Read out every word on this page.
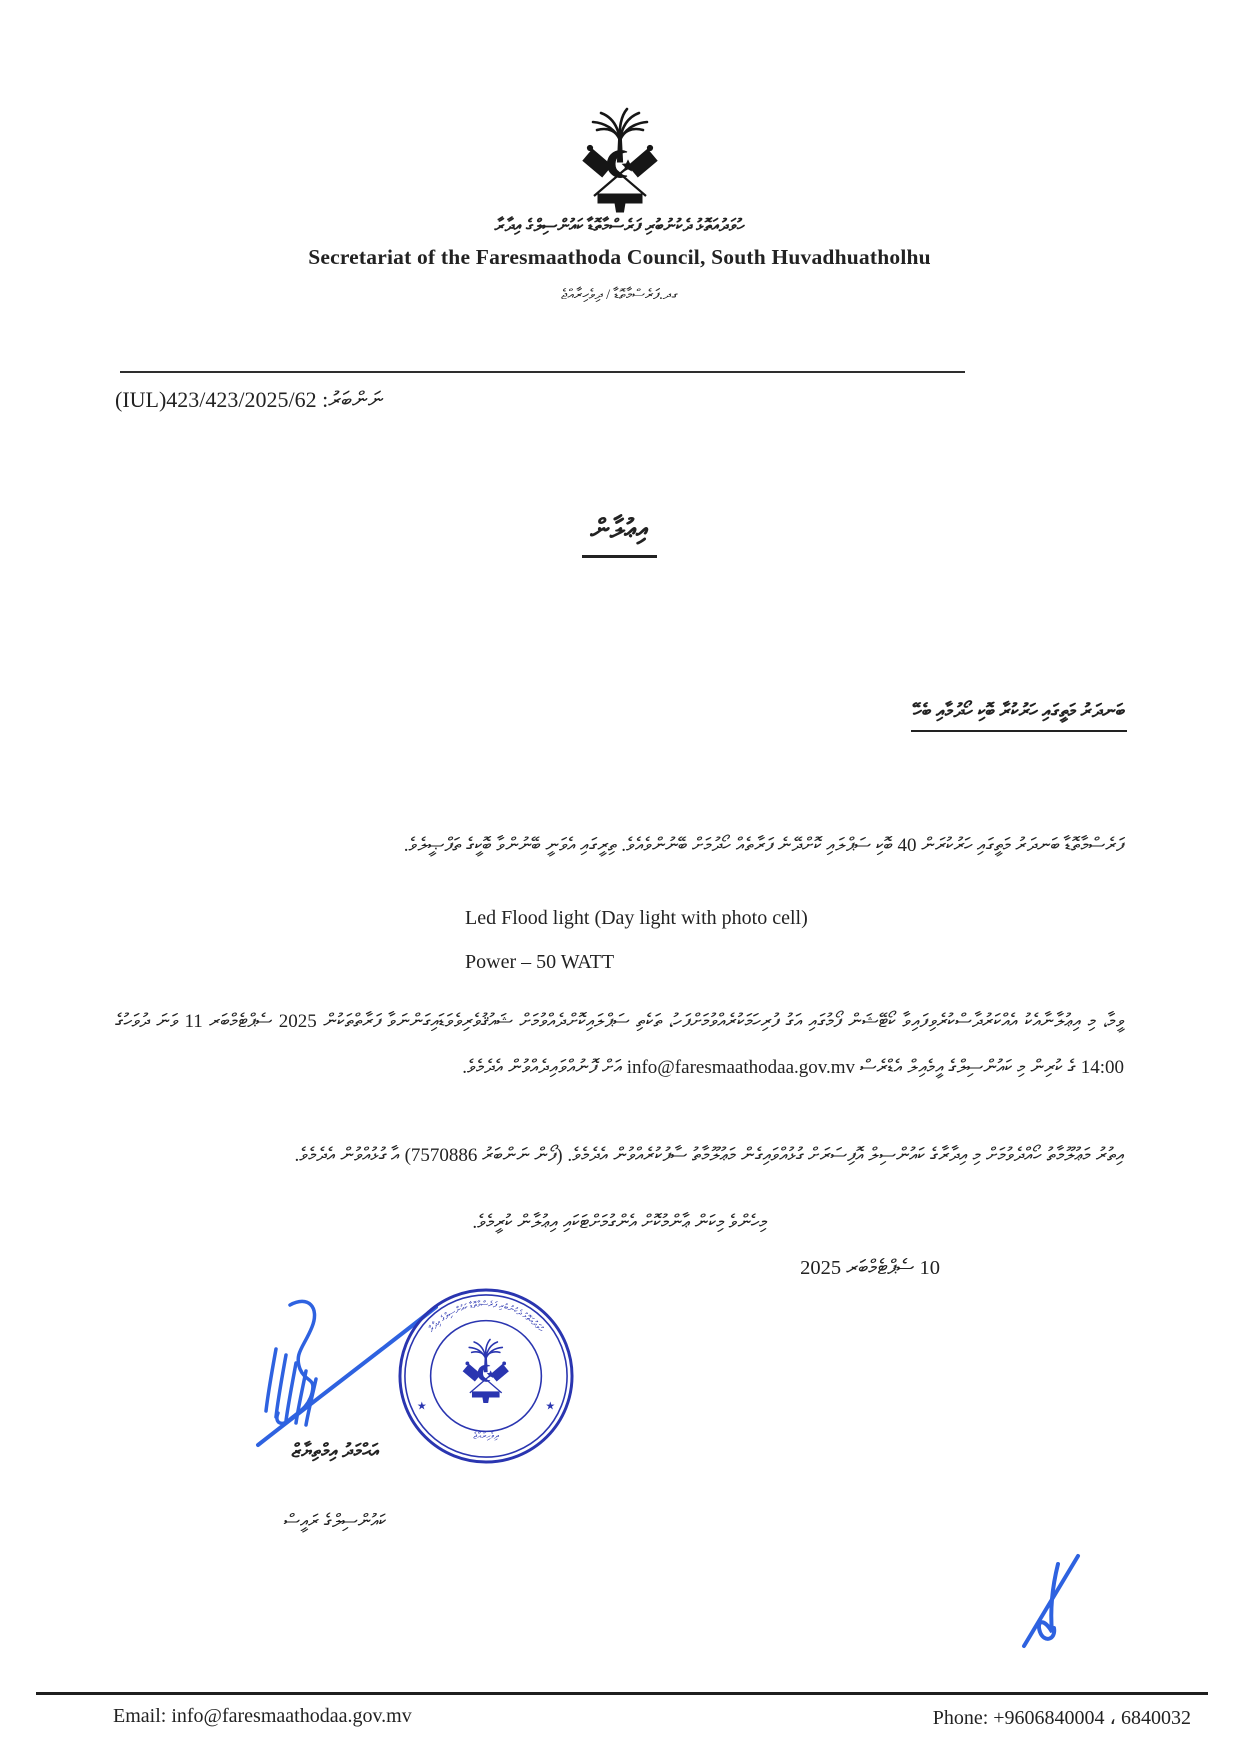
ހުވަދުއަތޮޅު ދެކުނުބުރި ފަރެސްމާތޮޑާ ކައުންސިލްގެ އިދާރާ
Secretariat of the Faresmaathoda Council, South Huvadhuatholhu
ގދ.ފަރެސްމާތޮޑާ / ދިވެހިރާއްޖެ
ނަންބަރު: (IUL)423/423/2025/62
އިޢުލާން
ބަނދަރު މަތީގައި ހަރުކުރާ ބޮކި ހޯދުމާއި ބެހޭ

ފަރެސްމާތޮޑާ ބަނދަރު މަތީގައި ހަރުކުރަން 40 ބޮކި ސަޕްލައި ކޮށްދޭނެ ފަރާތެއް ހޯދުމަށް ބޭނުންވެއެވެ. ތިރީގައި އެވަނީ ބޭނުންވާ ބޮކީގެ ތަފްޞީލެވެ.

Led Flood light (Day light with photo cell)
Power – 50 WATT

ވީމާ، މި އިޢުލާނާއެކު އެއްކަރުދާސްކުރެވިފައިވާ ކޯޓޭޝަން ފޯމުގައި އަގު ފުރިހަމަކުރެއްވުމަށްފަހު، ތަކެތި ސަޕްލައިކޮށްދެއްވުމަށް ޝައުޤުވެރިވެވަޑައިގަންނަވާ ފަރާތްތަކުން 2025 ސެޕްޓެމްބަރ 11 ވަނަ ދުވަހުގެ 14:00 ގެ ކުރިން މި ކައުންސިލްގެ އީމެއިލް އެޑްރެސް info@faresmaathodaa.gov.mv އަށް ފޮނުއްވައިދެއްވުން އެދެމެވެ.

އިތުރު މަޢުލޫމާތު ހޯއްދެވުމަށް މި އިދާރާގެ ކައުންސިލް އޮފިސަރަށް ގުޅުއްވައިގެން މަޢުލޫމާތު ސާފުކުރެއްވުން އެދެމެވެ. (ފޯން ނަންބަރު 7570886) އާ ގުޅުއްވުން އެދެމެވެ.

މިހެންވެ މިކަން ޢާންމުކޮށް އެންގުމަށްޓަކައި އިޢުލާން ކުރީމެވެ.
10 ސެޕްޓެމްބަރ 2025
ހުވަދުއަތޮޅު ދެކުނުބުރި ފަރެސްމާތޮޑާ ކައުންސިލްގެ އިދާރާ
★	★
ދިވެހިރާއްޖެ
އަޙްމަދު އިމްތިޔާޒް
ކައުންސިލްގެ ރައީސް
Email: info@faresmaathodaa.gov.mv	Phone: +9606840004 ، 6840032
